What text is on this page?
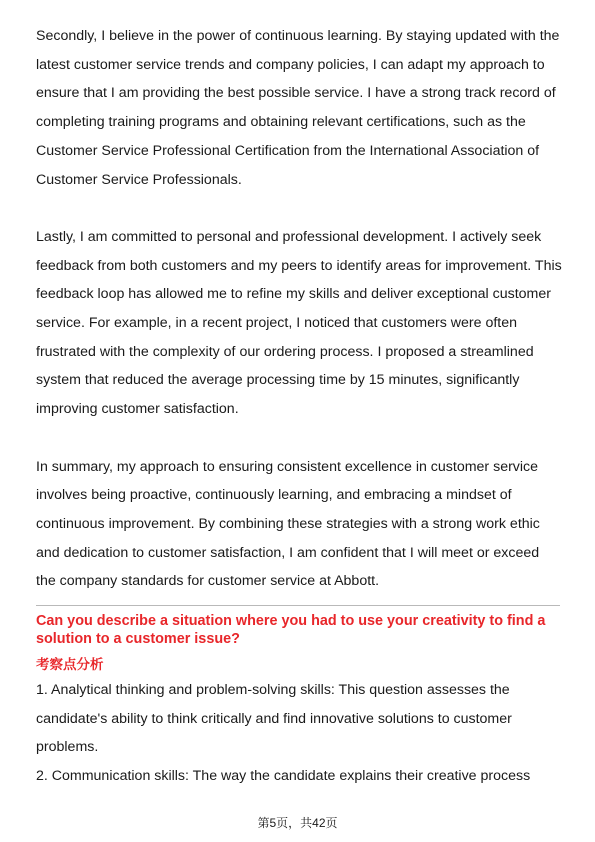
Secondly, I believe in the power of continuous learning. By staying updated with the latest customer service trends and company policies, I can adapt my approach to ensure that I am providing the best possible service. I have a strong track record of completing training programs and obtaining relevant certifications, such as the Customer Service Professional Certification from the International Association of Customer Service Professionals.

Lastly, I am committed to personal and professional development. I actively seek feedback from both customers and my peers to identify areas for improvement. This feedback loop has allowed me to refine my skills and deliver exceptional customer service. For example, in a recent project, I noticed that customers were often frustrated with the complexity of our ordering process. I proposed a streamlined system that reduced the average processing time by 15 minutes, significantly improving customer satisfaction.

In summary, my approach to ensuring consistent excellence in customer service involves being proactive, continuously learning, and embracing a mindset of continuous improvement. By combining these strategies with a strong work ethic and dedication to customer satisfaction, I am confident that I will meet or exceed the company standards for customer service at Abbott.

Can you describe a situation where you had to use your creativity to find a solution to a customer issue?

考察点分析

1. Analytical thinking and problem-solving skills: This question assesses the candidate's ability to think critically and find innovative solutions to customer problems.

2. Communication skills: The way the candidate explains their creative process

第5页，共42页
